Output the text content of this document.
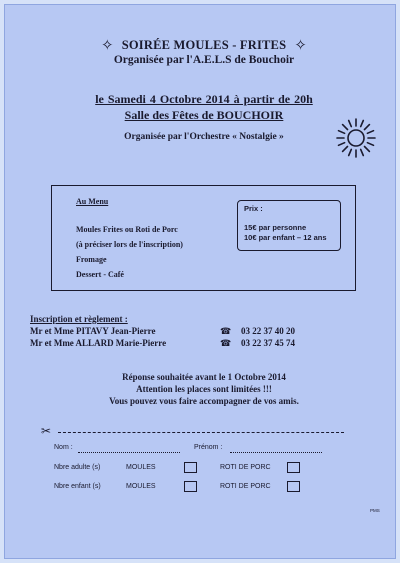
✧ SOIRÉE MOULES - FRITES ✧
Organisée par l'A.E.L.S de Bouchoir
le Samedi 4 Octobre 2014 à partir de 20h
Salle des Fêtes de BOUCHOIR
Organisée par l'Orchestre « Nostalgie »
Au Menu
Moules Frites ou Roti de Porc
(à préciser lors de l'inscription)
Fromage
Dessert - Café
Prix :
15€ par personne
10€ par enfant – 12 ans
Inscription et règlement :
Mr et Mme PITAVY Jean-Pierre	☎ 03 22 37 40 20
Mr et Mme ALLARD Marie-Pierre	☎ 03 22 37 45 74
Réponse souhaitée avant le 1 Octobre 2014
Attention les places sont limitées !!!
Vous pouvez vous faire accompagner de vos amis.
✂
Nom :	Prénom :
Nbre adulte (s)	MOULES	ROTI DE PORC
Nbre enfant (s)	MOULES	ROTI DE PORC
PMS
